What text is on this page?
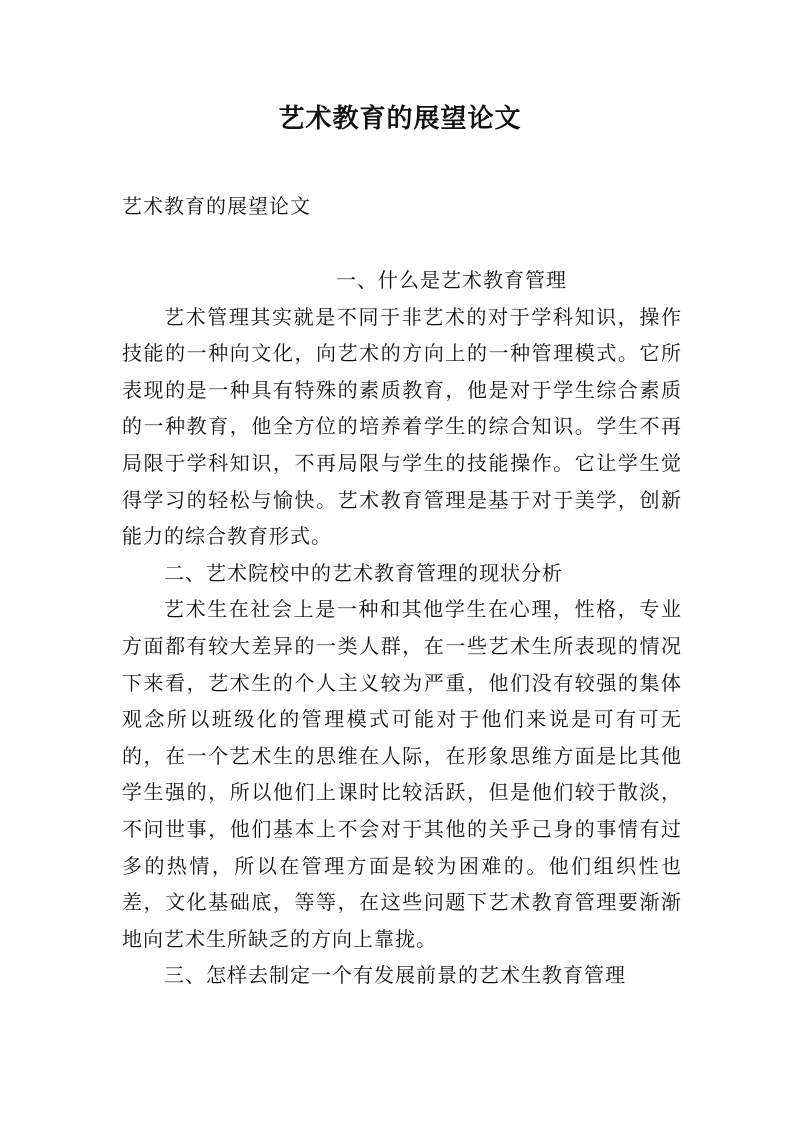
艺术教育的展望论文
艺术教育的展望论文

一、什么是艺术教育管理

艺术管理其实就是不同于非艺术的对于学科知识，操作技能的一种向文化，向艺术的方向上的一种管理模式。它所表现的是一种具有特殊的素质教育，他是对于学生综合素质的一种教育，他全方位的培养着学生的综合知识。学生不再局限于学科知识，不再局限与学生的技能操作。它让学生觉得学习的轻松与愉快。艺术教育管理是基于对于美学，创新能力的综合教育形式。

二、艺术院校中的艺术教育管理的现状分析

艺术生在社会上是一种和其他学生在心理，性格，专业方面都有较大差异的一类人群，在一些艺术生所表现的情况下来看，艺术生的个人主义较为严重，他们没有较强的集体观念所以班级化的管理模式可能对于他们来说是可有可无的，在一个艺术生的思维在人际，在形象思维方面是比其他学生强的，所以他们上课时比较活跃，但是他们较于散淡，不问世事，他们基本上不会对于其他的关乎己身的事情有过多的热情，所以在管理方面是较为困难的。他们组织性也差，文化基础底，等等，在这些问题下艺术教育管理要渐渐地向艺术生所缺乏的方向上靠拢。

三、怎样去制定一个有发展前景的艺术生教育管理
